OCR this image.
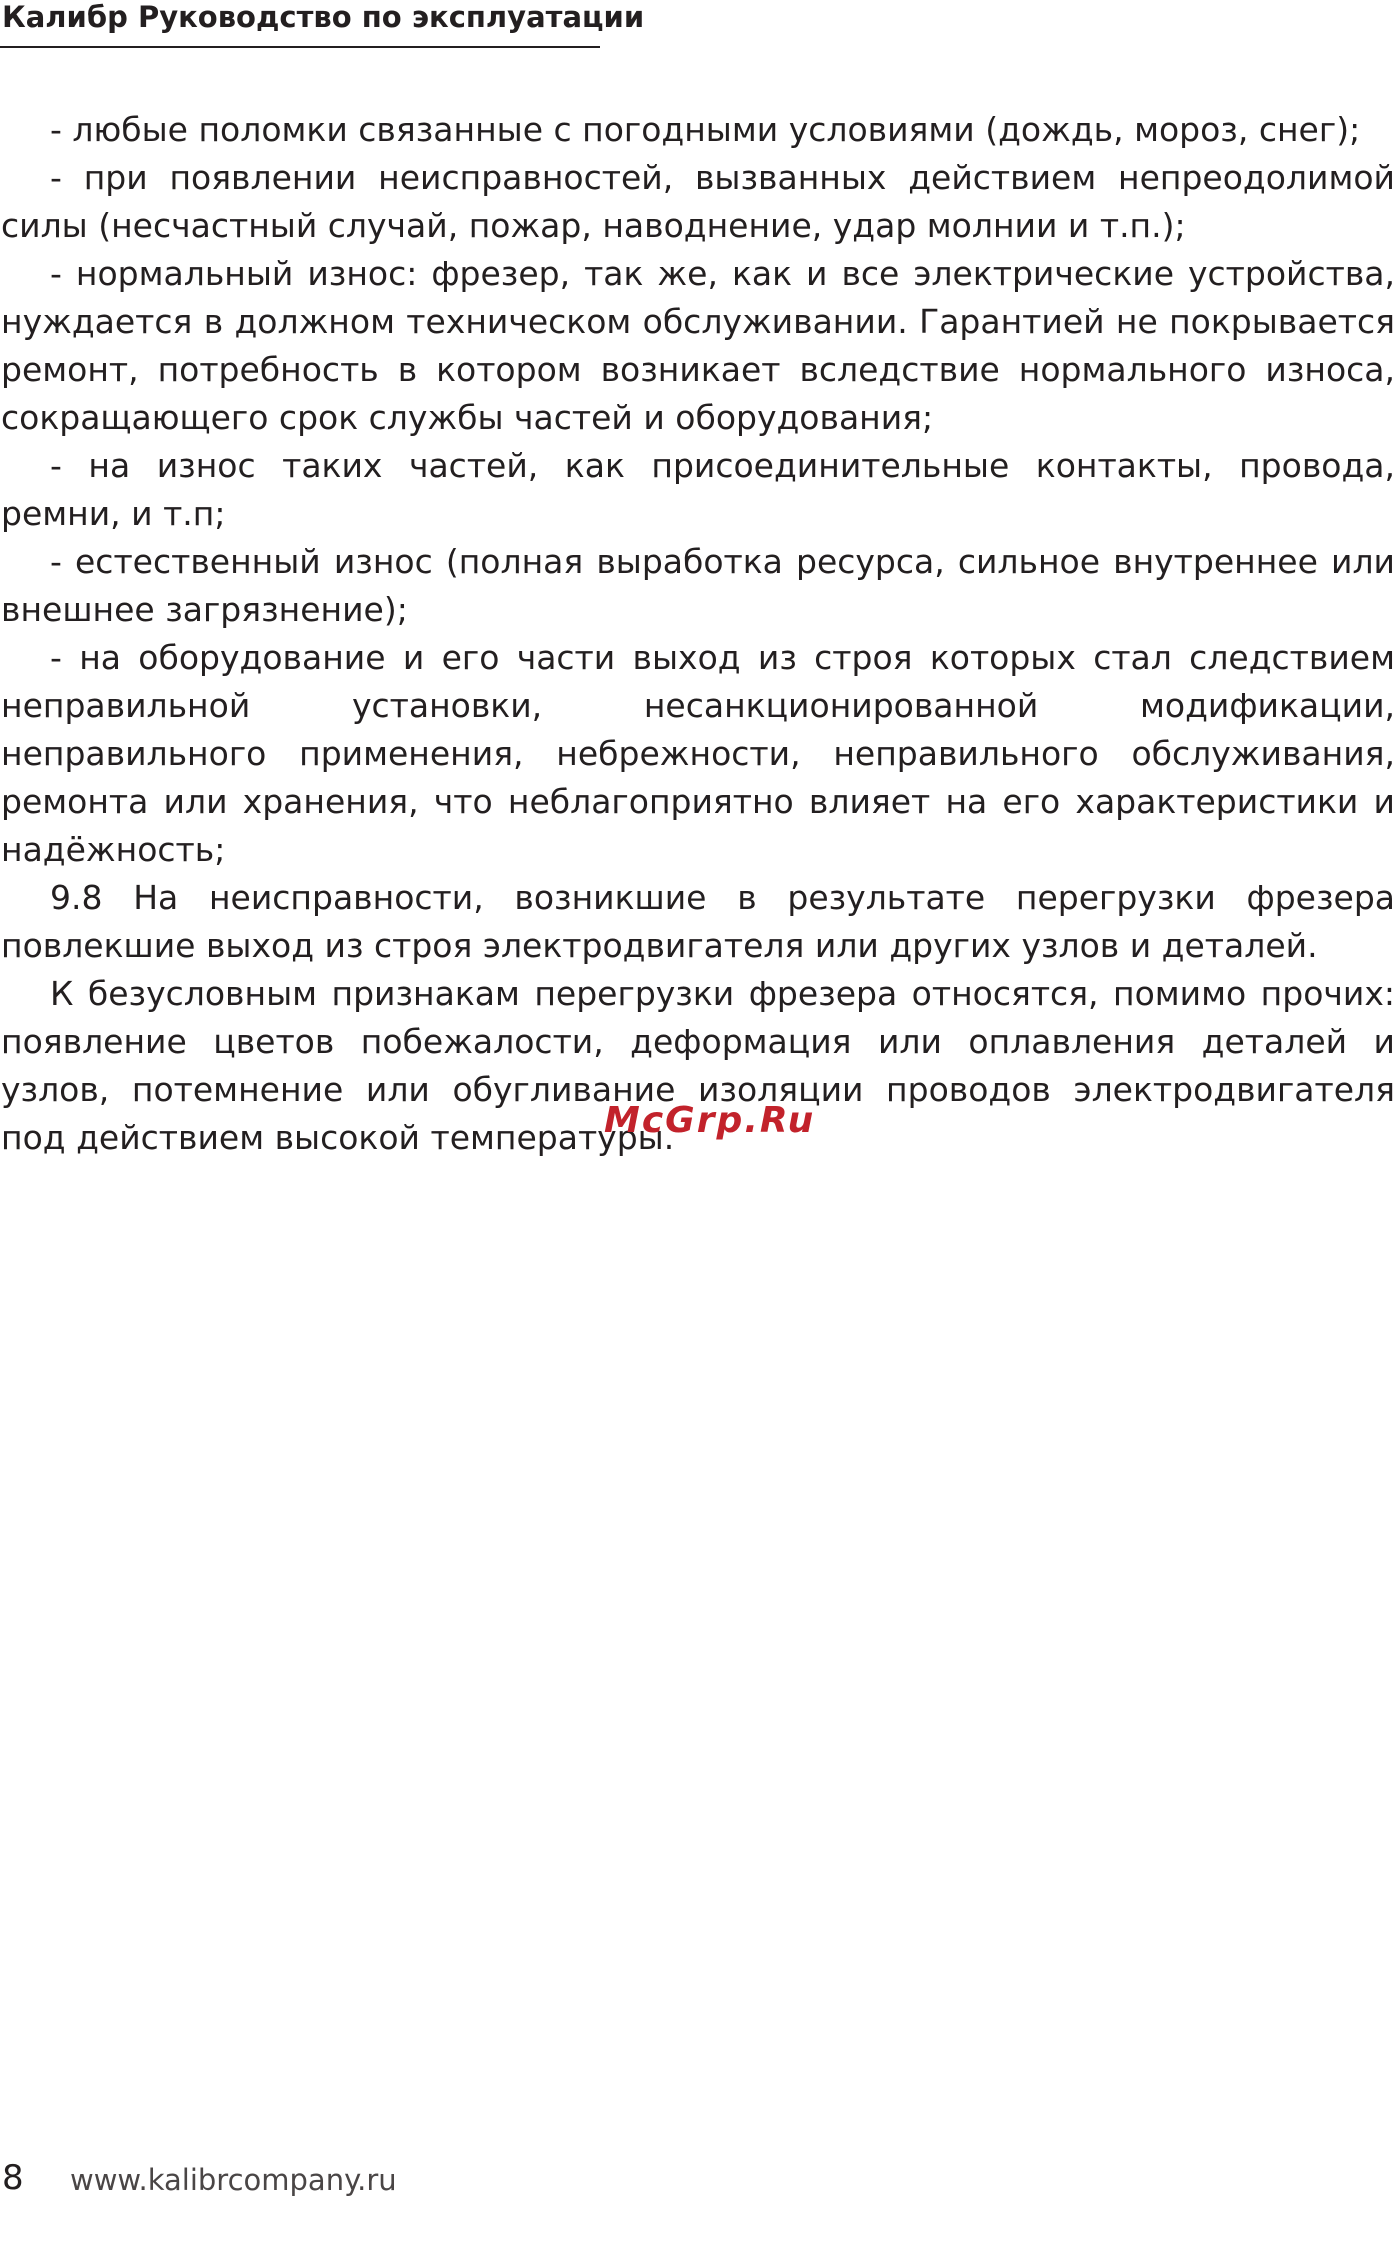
Калибр Руководство по эксплуатации

- любые поломки связанные с погодными условиями (дождь, мороз, снег);

- при появлении неисправностей, вызванных действием непреодолимой силы (несчастный случай, пожар, наводнение, удар молнии и т.п.);

- нормальный износ: фрезер, так же, как и все электрические устройства, нуждается в должном техническом обслуживании. Гарантией не покрывается ремонт, потребность в котором возникает вследствие нормального износа, сокращающего срок службы частей и оборудования;

- на износ таких частей, как присоединительные контакты, провода, ремни, и т.п;

- естественный износ (полная выработка ресурса, сильное внутреннее или внешнее загрязнение);

- на оборудование и его части выход из строя которых стал следствием неправильной установки, несанкционированной модификации, неправильного применения, небрежности, неправильного обслуживания, ремонта или хранения, что неблагоприятно влияет на его характеристики и надёжность;

9.8 На неисправности, возникшие в результате перегрузки фрезера повлекшие выход из строя электродвигателя или других узлов и деталей.

К безусловным признакам перегрузки фрезера относятся, помимо прочих: появление цветов побежалости, деформация или оплавления деталей и узлов, потемнение или обугливание изоляции проводов электродвигателя под действием высокой температуры.

McGrp.Ru
8 www.kalibrcompany.ru
